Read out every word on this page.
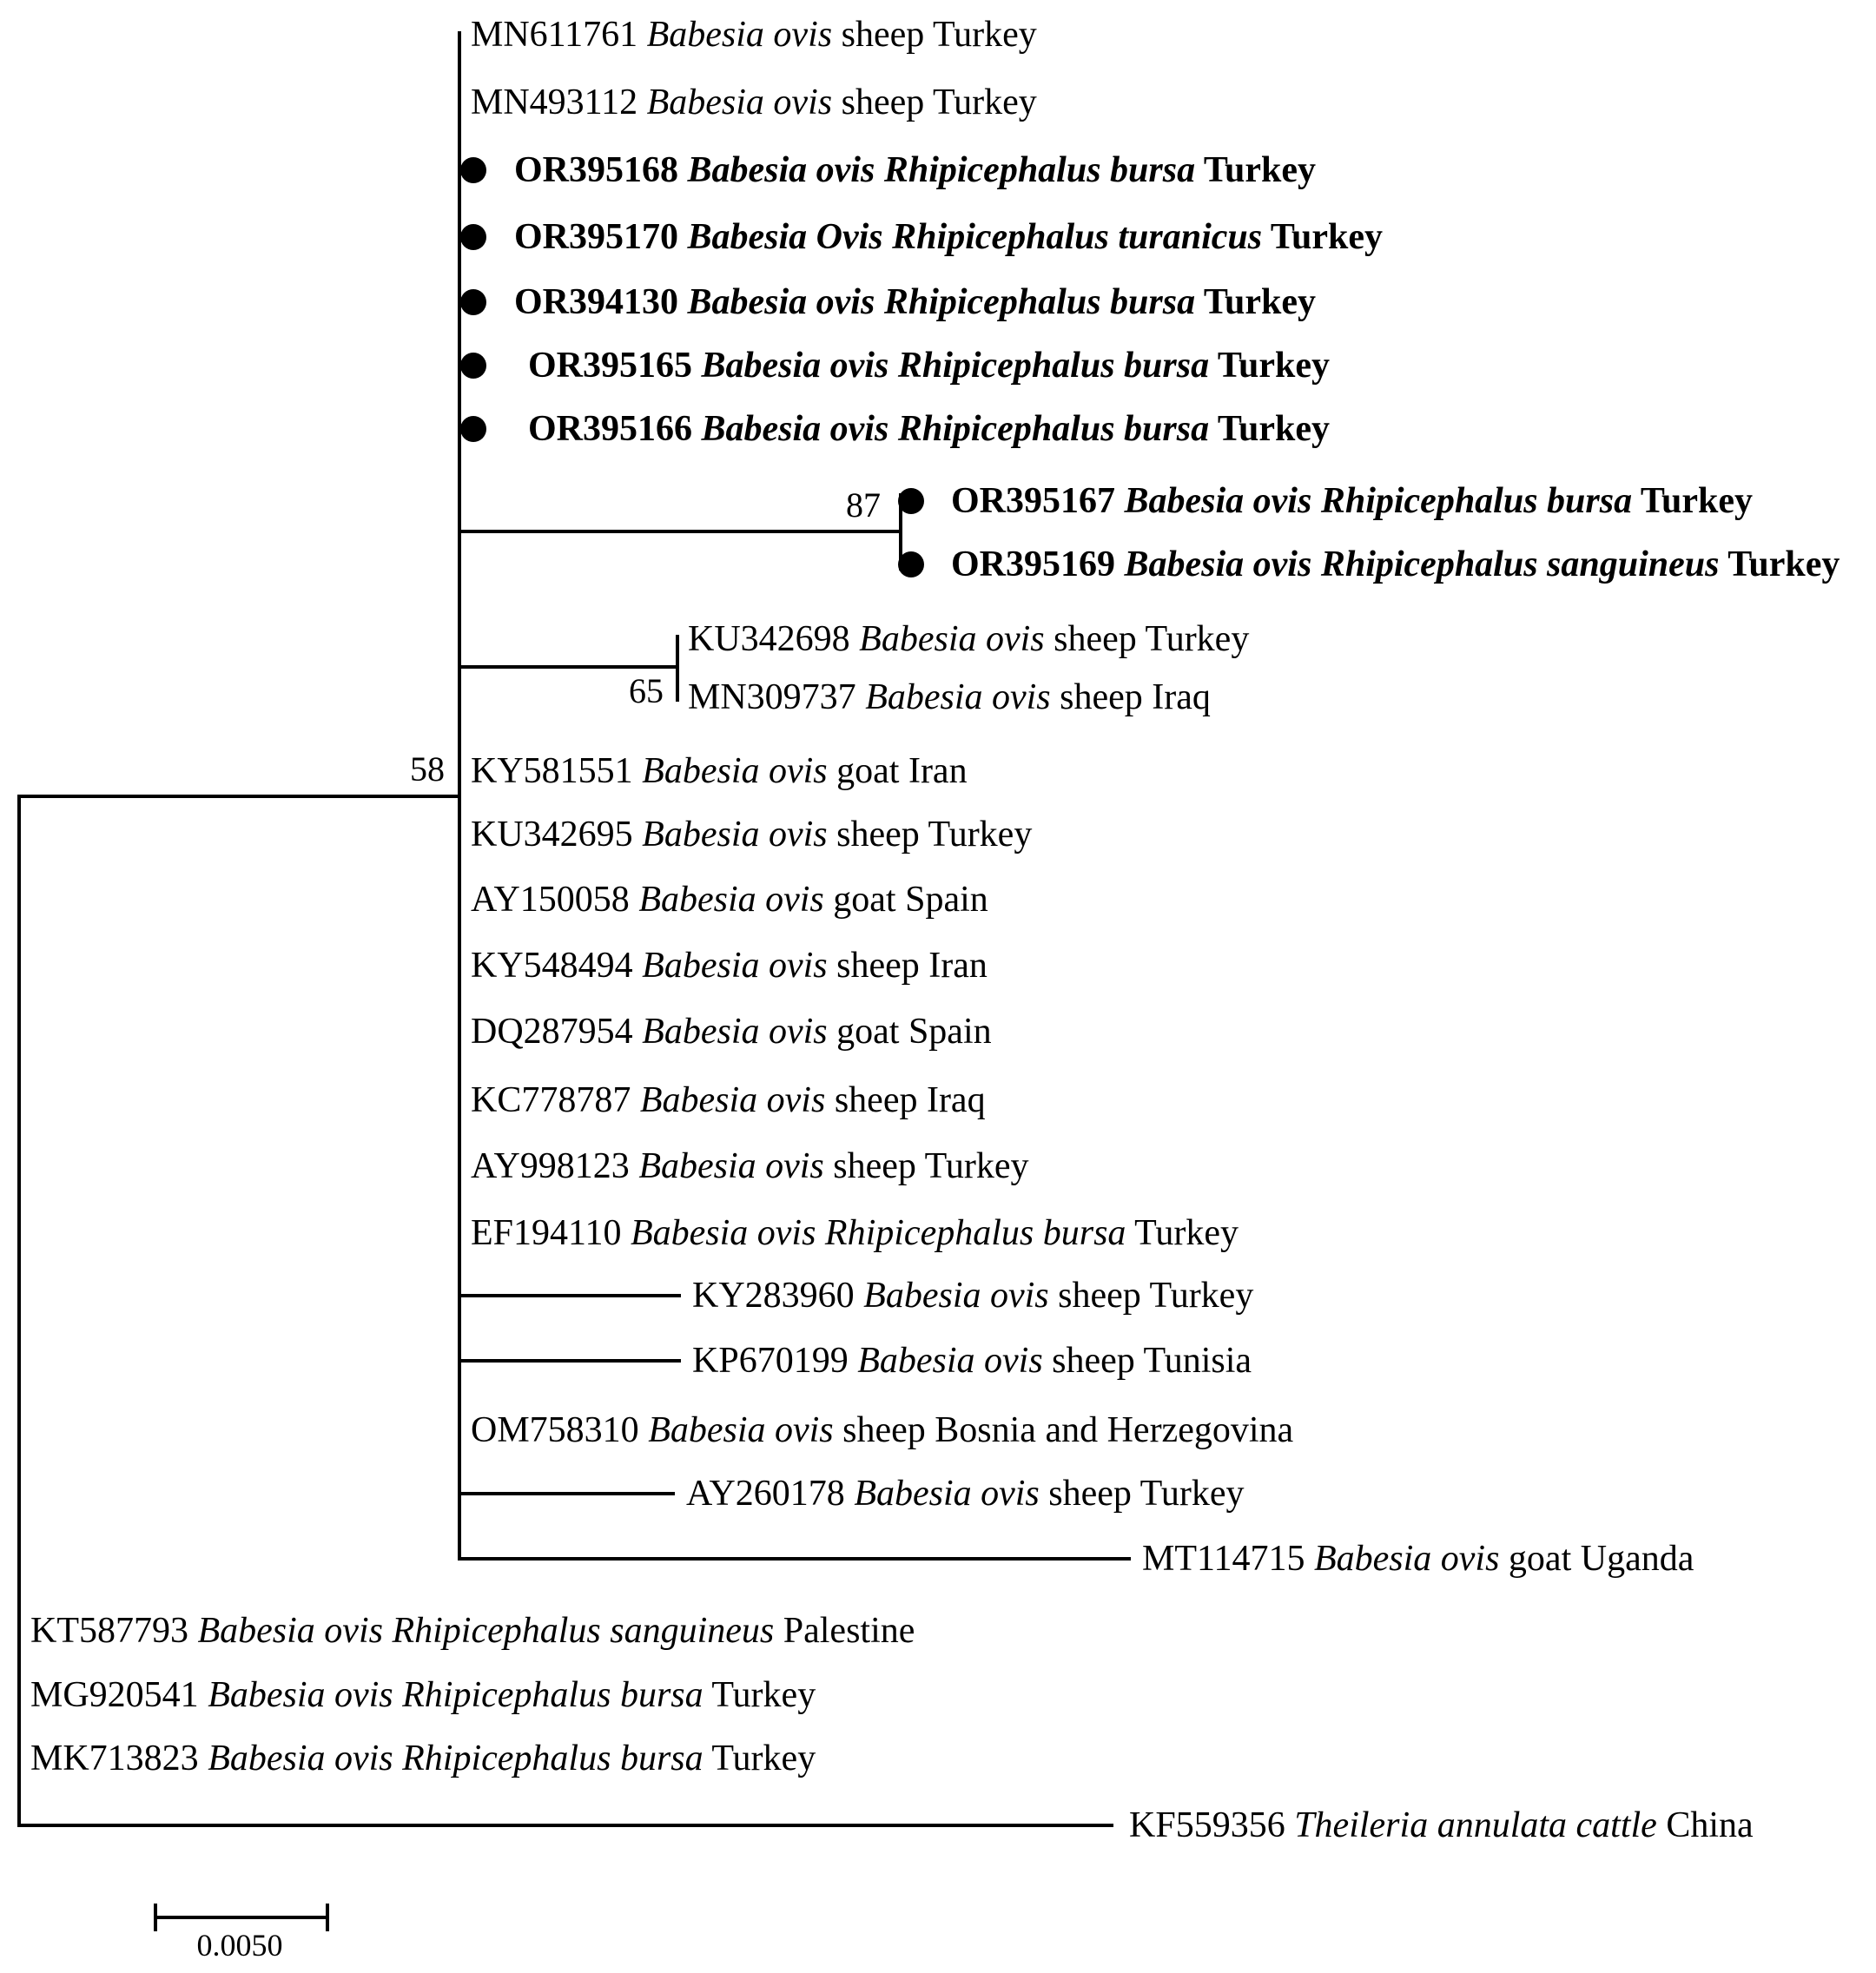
MN611761 Babesia ovis sheep Turkey
MN493112 Babesia ovis sheep Turkey
OR395168 Babesia ovis Rhipicephalus bursa Turkey
OR395170 Babesia Ovis Rhipicephalus turanicus Turkey
OR394130 Babesia ovis Rhipicephalus bursa Turkey
OR395165 Babesia ovis Rhipicephalus bursa Turkey
OR395166 Babesia ovis Rhipicephalus bursa Turkey
OR395167 Babesia ovis Rhipicephalus bursa Turkey
OR395169 Babesia ovis Rhipicephalus sanguineus Turkey
KU342698 Babesia ovis sheep Turkey
MN309737 Babesia ovis sheep Iraq
KY581551 Babesia ovis goat Iran
KU342695 Babesia ovis sheep Turkey
AY150058 Babesia ovis goat Spain
KY548494 Babesia ovis sheep Iran
DQ287954 Babesia ovis goat Spain
KC778787 Babesia ovis sheep Iraq
AY998123 Babesia ovis sheep Turkey
EF194110 Babesia ovis Rhipicephalus bursa Turkey
KY283960 Babesia ovis sheep Turkey
KP670199 Babesia ovis sheep Tunisia
OM758310 Babesia ovis sheep Bosnia and Herzegovina
AY260178 Babesia ovis sheep Turkey
MT114715 Babesia ovis goat Uganda
KT587793 Babesia ovis Rhipicephalus sanguineus Palestine
MG920541 Babesia ovis Rhipicephalus bursa Turkey
MK713823 Babesia ovis Rhipicephalus bursa Turkey
KF559356 Theileria annulata cattle China
87
65
58
0.0050
